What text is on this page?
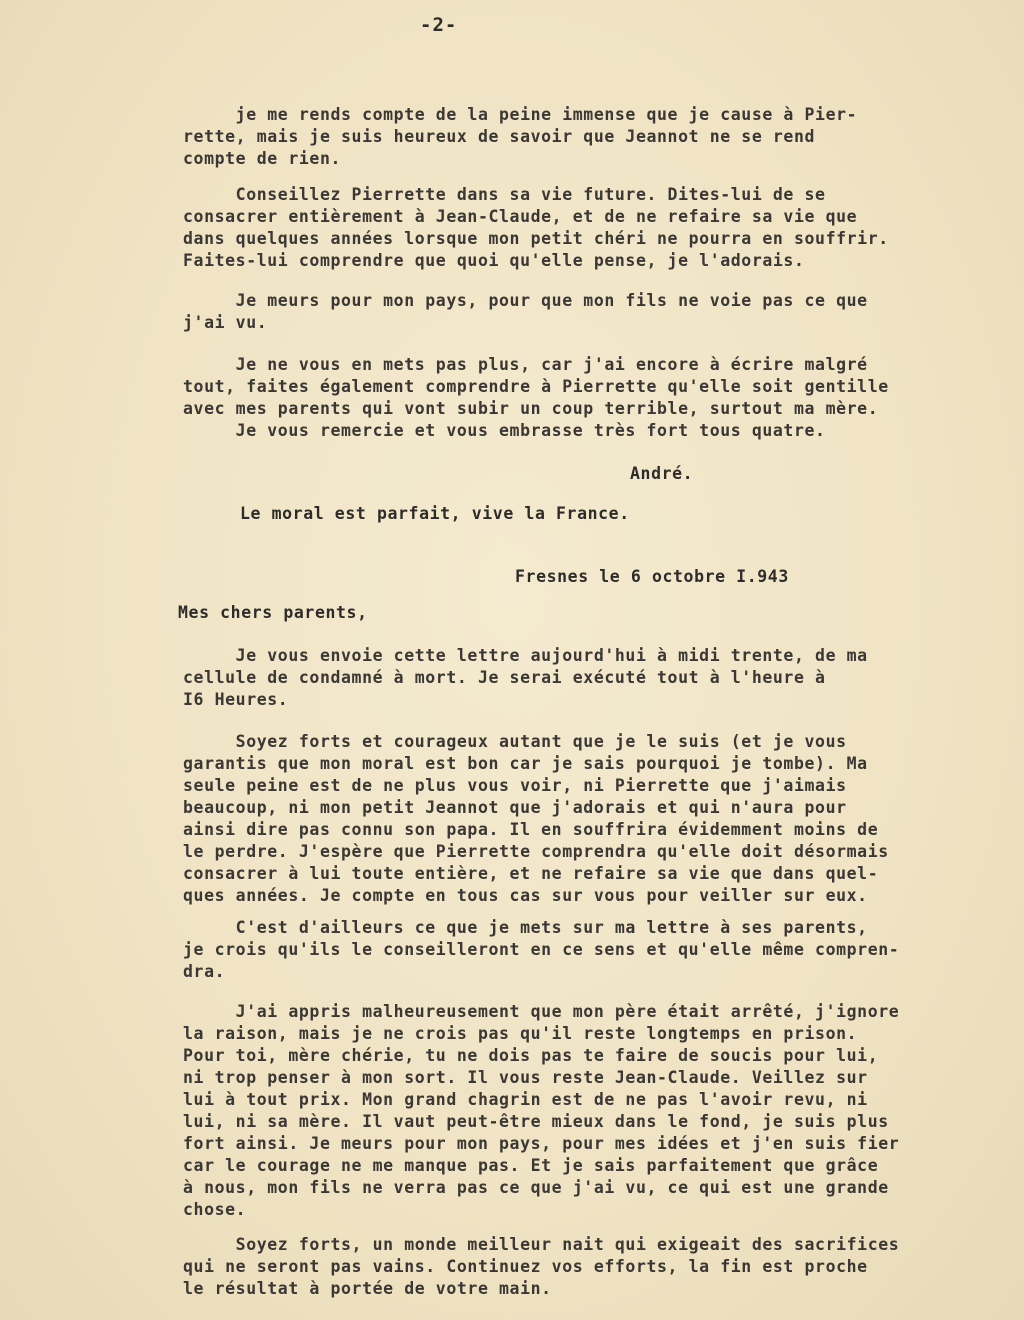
-2-
je me rends compte de la peine immense que je cause à Pier-
rette, mais je suis heureux de savoir que Jeannot ne se rend
compte de rien.
Conseillez Pierrette dans sa vie future. Dites-lui de se
consacrer entièrement à Jean-Claude, et de ne refaire sa vie que
dans quelques années lorsque mon petit chéri ne pourra en souffrir.
Faites-lui comprendre que quoi qu'elle pense, je l'adorais.
Je meurs pour mon pays, pour que mon fils ne voie pas ce que
j'ai vu.
Je ne vous en mets pas plus, car j'ai encore à écrire malgré
tout, faites également comprendre à Pierrette qu'elle soit gentille
avec mes parents qui vont subir un coup terrible, surtout ma mère.
Je vous remercie et vous embrasse très fort tous quatre.
Je vous envoie cette lettre aujourd'hui à midi trente, de ma
cellule de condamné à mort. Je serai exécuté tout à l'heure à
I6 Heures.
Soyez forts et courageux autant que je le suis (et je vous
garantis que mon moral est bon car je sais pourquoi je tombe). Ma
seule peine est de ne plus vous voir, ni Pierrette que j'aimais
beaucoup, ni mon petit Jeannot que j'adorais et qui n'aura pour
ainsi dire pas connu son papa. Il en souffrira évidemment moins de
le perdre. J'espère que Pierrette comprendra qu'elle doit désormais
consacrer à lui toute entière, et ne refaire sa vie que dans quel-
ques années. Je compte en tous cas sur vous pour veiller sur eux.
C'est d'ailleurs ce que je mets sur ma lettre à ses parents,
je crois qu'ils le conseilleront en ce sens et qu'elle même compren-
dra.
J'ai appris malheureusement que mon père était arrêté, j'ignore
la raison, mais je ne crois pas qu'il reste longtemps en prison.
Pour toi, mère chérie, tu ne dois pas te faire de soucis pour lui,
ni trop penser à mon sort. Il vous reste Jean-Claude. Veillez sur
lui à tout prix. Mon grand chagrin est de ne pas l'avoir revu, ni
lui, ni sa mère. Il vaut peut-être mieux dans le fond, je suis plus
fort ainsi. Je meurs pour mon pays, pour mes idées et j'en suis fier
car le courage ne me manque pas. Et je sais parfaitement que grâce
à nous, mon fils ne verra pas ce que j'ai vu, ce qui est une grande
chose.
Soyez forts, un monde meilleur nait qui exigeait des sacrifices
qui ne seront pas vains. Continuez vos efforts, la fin est proche
le résultat à portée de votre main.
André.
Le moral est parfait, vive la France.
Fresnes le 6 octobre I.943
Mes chers parents,
